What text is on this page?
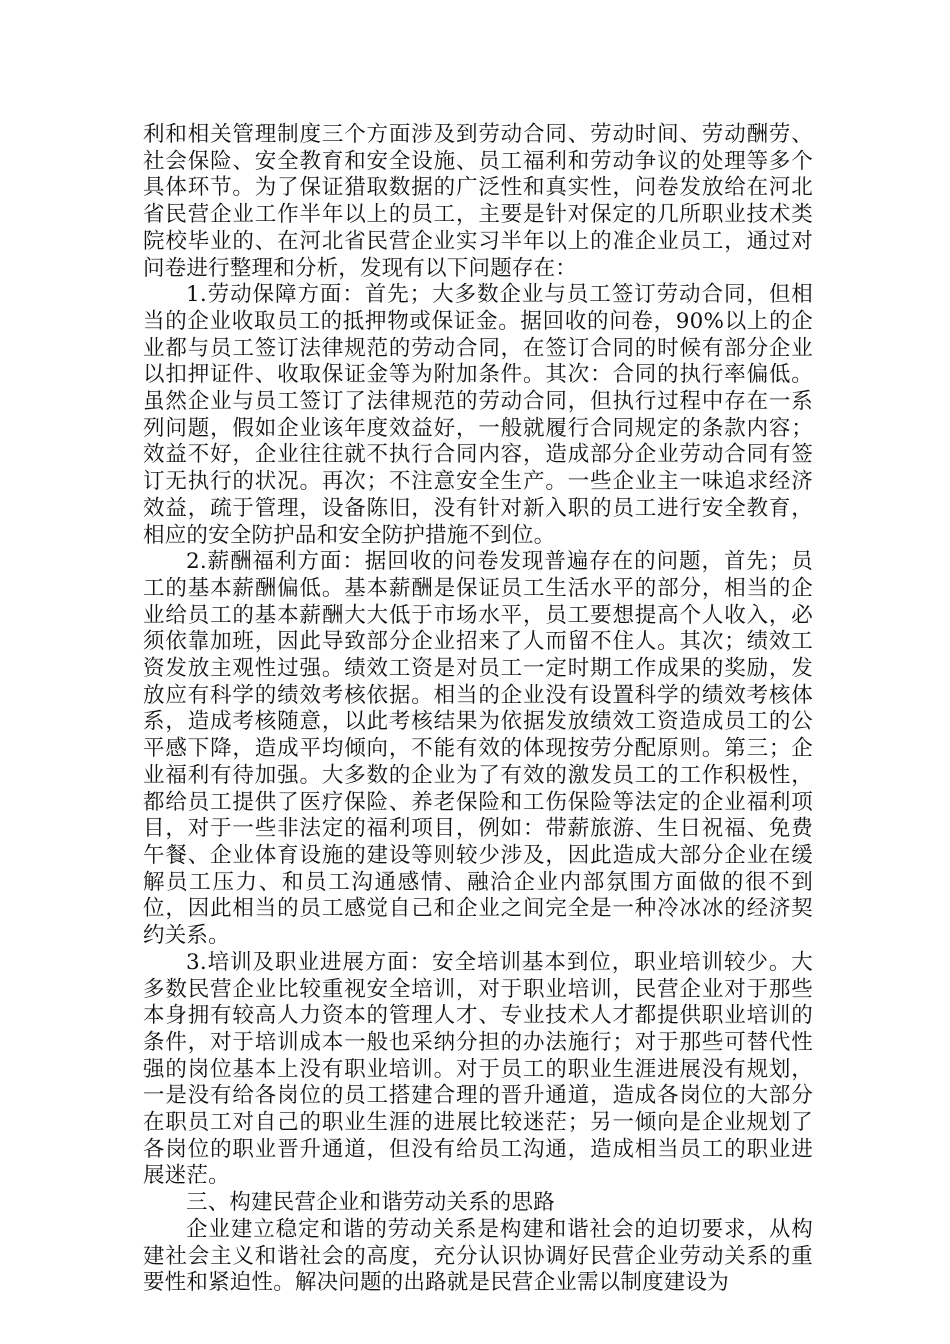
利和相关管理制度三个方面涉及到劳动合同、劳动时间、劳动酬劳、社会保险、安全教育和安全设施、员工福利和劳动争议的处理等多个具体环节。为了保证猎取数据的广泛性和真实性，问卷发放给在河北省民营企业工作半年以上的员工，主要是针对保定的几所职业技术类院校毕业的、在河北省民营企业实习半年以上的准企业员工，通过对问卷进行整理和分析，发现有以下问题存在：

1.劳动保障方面：首先；大多数企业与员工签订劳动合同，但相当的企业收取员工的抵押物或保证金。据回收的问卷，90%以上的企业都与员工签订法律规范的劳动合同，在签订合同的时候有部分企业以扣押证件、收取保证金等为附加条件。其次：合同的执行率偏低。虽然企业与员工签订了法律规范的劳动合同，但执行过程中存在一系列问题，假如企业该年度效益好，一般就履行合同规定的条款内容；效益不好，企业往往就不执行合同内容，造成部分企业劳动合同有签订无执行的状况。再次；不注意安全生产。一些企业主一味追求经济效益，疏于管理，设备陈旧，没有针对新入职的员工进行安全教育，相应的安全防护品和安全防护措施不到位。

2.薪酬福利方面：据回收的问卷发现普遍存在的问题，首先；员工的基本薪酬偏低。基本薪酬是保证员工生活水平的部分，相当的企业给员工的基本薪酬大大低于市场水平，员工要想提高个人收入，必须依靠加班，因此导致部分企业招来了人而留不住人。其次；绩效工资发放主观性过强。绩效工资是对员工一定时期工作成果的奖励，发放应有科学的绩效考核依据。相当的企业没有设置科学的绩效考核体系，造成考核随意，以此考核结果为依据发放绩效工资造成员工的公平感下降，造成平均倾向，不能有效的体现按劳分配原则。第三；企业福利有待加强。大多数的企业为了有效的激发员工的工作积极性，都给员工提供了医疗保险、养老保险和工伤保险等法定的企业福利项目，对于一些非法定的福利项目，例如：带薪旅游、生日祝福、免费午餐、企业体育设施的建设等则较少涉及，因此造成大部分企业在缓解员工压力、和员工沟通感情、融洽企业内部氛围方面做的很不到位，因此相当的员工感觉自己和企业之间完全是一种冷冰冰的经济契约关系。

3.培训及职业进展方面：安全培训基本到位，职业培训较少。大多数民营企业比较重视安全培训，对于职业培训，民营企业对于那些本身拥有较高人力资本的管理人才、专业技术人才都提供职业培训的条件，对于培训成本一般也采纳分担的办法施行；对于那些可替代性强的岗位基本上没有职业培训。对于员工的职业生涯进展没有规划，一是没有给各岗位的员工搭建合理的晋升通道，造成各岗位的大部分在职员工对自己的职业生涯的进展比较迷茫；另一倾向是企业规划了各岗位的职业晋升通道，但没有给员工沟通，造成相当员工的职业进展迷茫。

三、构建民营企业和谐劳动关系的思路

企业建立稳定和谐的劳动关系是构建和谐社会的迫切要求，从构建社会主义和谐社会的高度，充分认识协调好民营企业劳动关系的重要性和紧迫性。解决问题的出路就是民营企业需以制度建设为
